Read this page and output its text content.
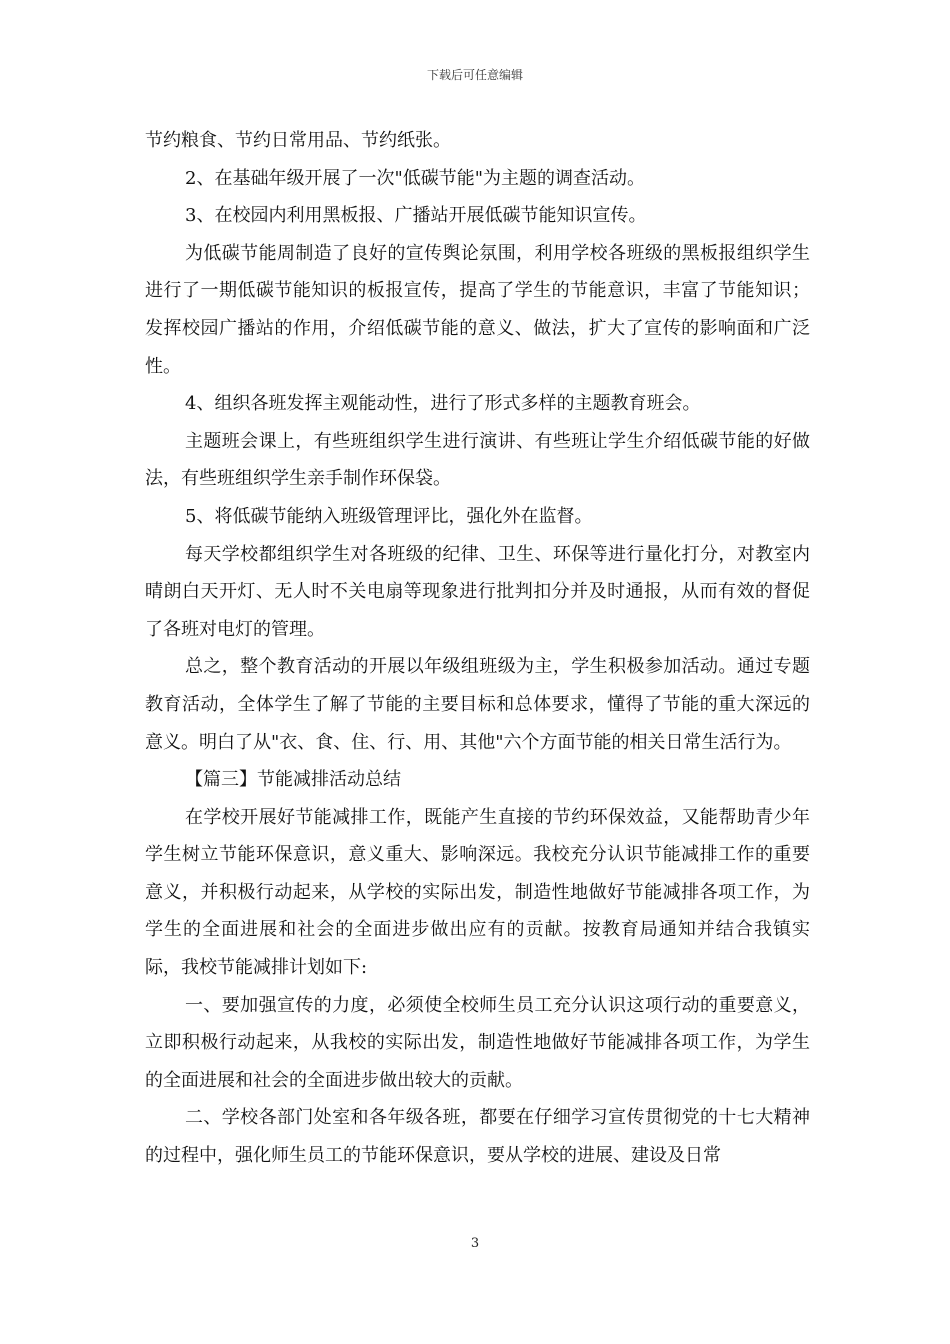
下载后可任意编辑

节约粮食、节约日常用品、节约纸张。

2、在基础年级开展了一次"低碳节能"为主题的调查活动。

3、在校园内利用黑板报、广播站开展低碳节能知识宣传。

为低碳节能周制造了良好的宣传舆论氛围，利用学校各班级的黑板报组织学生进行了一期低碳节能知识的板报宣传，提高了学生的节能意识，丰富了节能知识；发挥校园广播站的作用，介绍低碳节能的意义、做法，扩大了宣传的影响面和广泛性。

4、组织各班发挥主观能动性，进行了形式多样的主题教育班会。

主题班会课上，有些班组织学生进行演讲、有些班让学生介绍低碳节能的好做法，有些班组织学生亲手制作环保袋。

5、将低碳节能纳入班级管理评比，强化外在监督。

每天学校都组织学生对各班级的纪律、卫生、环保等进行量化打分，对教室内晴朗白天开灯、无人时不关电扇等现象进行批判扣分并及时通报，从而有效的督促了各班对电灯的管理。

总之，整个教育活动的开展以年级组班级为主，学生积极参加活动。通过专题教育活动，全体学生了解了节能的主要目标和总体要求，懂得了节能的重大深远的意义。明白了从"衣、食、住、行、用、其他"六个方面节能的相关日常生活行为。

【篇三】节能减排活动总结

在学校开展好节能减排工作，既能产生直接的节约环保效益，又能帮助青少年学生树立节能环保意识，意义重大、影响深远。我校充分认识节能减排工作的重要意义，并积极行动起来，从学校的实际出发，制造性地做好节能减排各项工作，为学生的全面进展和社会的全面进步做出应有的贡献。按教育局通知并结合我镇实际，我校节能减排计划如下:

一、要加强宣传的力度，必须使全校师生员工充分认识这项行动的重要意义，立即积极行动起来，从我校的实际出发，制造性地做好节能减排各项工作，为学生的全面进展和社会的全面进步做出较大的贡献。

二、学校各部门处室和各年级各班，都要在仔细学习宣传贯彻党的十七大精神的过程中，强化师生员工的节能环保意识，要从学校的进展、建设及日常

3
